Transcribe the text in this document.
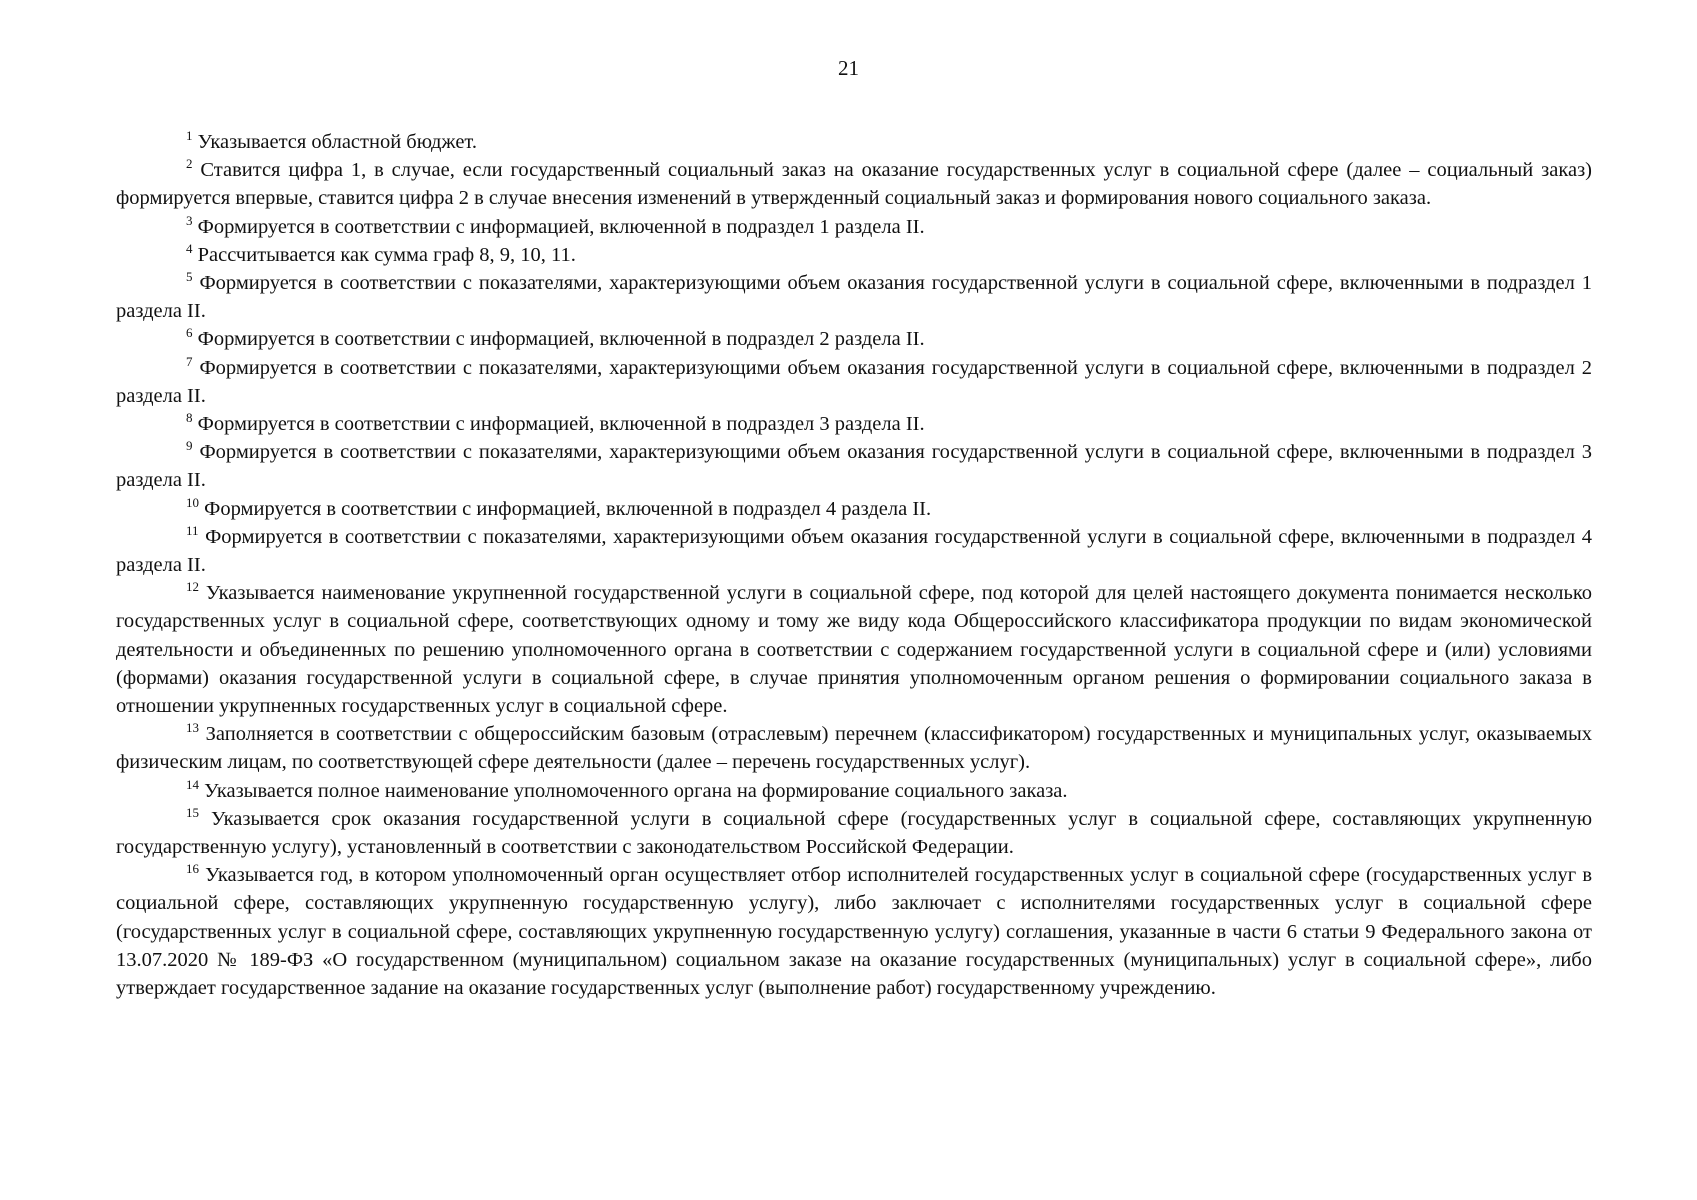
21

$^1$ Указывается областной бюджет.

$^2$ Ставится цифра 1, в случае, если государственный социальный заказ на оказание государственных услуг в социальной сфере (далее – социальный заказ) формируется впервые, ставится цифра 2 в случае внесения изменений в утвержденный социальный заказ и формирования нового социального заказа.

$^3$ Формируется в соответствии с информацией, включенной в подраздел 1 раздела II.

$^4$ Рассчитывается как сумма граф 8, 9, 10, 11.

$^5$ Формируется в соответствии с показателями, характеризующими объем оказания государственной услуги в социальной сфере, включенными в подраздел 1 раздела II.

$^6$ Формируется в соответствии с информацией, включенной в подраздел 2 раздела II.

$^7$ Формируется в соответствии с показателями, характеризующими объем оказания государственной услуги в социальной сфере, включенными в подраздел 2 раздела II.

$^8$ Формируется в соответствии с информацией, включенной в подраздел 3 раздела II.

$^9$ Формируется в соответствии с показателями, характеризующими объем оказания государственной услуги в социальной сфере, включенными в подраздел 3 раздела II.

$^{10}$ Формируется в соответствии с информацией, включенной в подраздел 4 раздела II.

$^{11}$ Формируется в соответствии с показателями, характеризующими объем оказания государственной услуги в социальной сфере, включенными в подраздел 4 раздела II.

$^{12}$ Указывается наименование укрупненной государственной услуги в социальной сфере, под которой для целей настоящего документа понимается несколько государственных услуг в социальной сфере, соответствующих одному и тому же виду кода Общероссийского классификатора продукции по видам экономической деятельности и объединенных по решению уполномоченного органа в соответствии с содержанием государственной услуги в социальной сфере и (или) условиями (формами) оказания государственной услуги в социальной сфере, в случае принятия уполномоченным органом решения о формировании социального заказа в отношении укрупненных государственных услуг в социальной сфере.

$^{13}$ Заполняется в соответствии с общероссийским базовым (отраслевым) перечнем (классификатором) государственных и муниципальных услуг, оказываемых физическим лицам, по соответствующей сфере деятельности (далее – перечень государственных услуг).

$^{14}$ Указывается полное наименование уполномоченного органа на формирование социального заказа.

$^{15}$ Указывается срок оказания государственной услуги в социальной сфере (государственных услуг в социальной сфере, составляющих укрупненную государственную услугу), установленный в соответствии с законодательством Российской Федерации.

$^{16}$ Указывается год, в котором уполномоченный орган осуществляет отбор исполнителей государственных услуг в социальной сфере (государственных услуг в социальной сфере, составляющих укрупненную государственную услугу), либо заключает с исполнителями государственных услуг в социальной сфере (государственных услуг в социальной сфере, составляющих укрупненную государственную услугу) соглашения, указанные в части 6 статьи 9 Федерального закона от 13.07.2020 № 189-ФЗ «О государственном (муниципальном) социальном заказе на оказание государственных (муниципальных) услуг в социальной сфере», либо утверждает государственное задание на оказание государственных услуг (выполнение работ) государственному учреждению.
